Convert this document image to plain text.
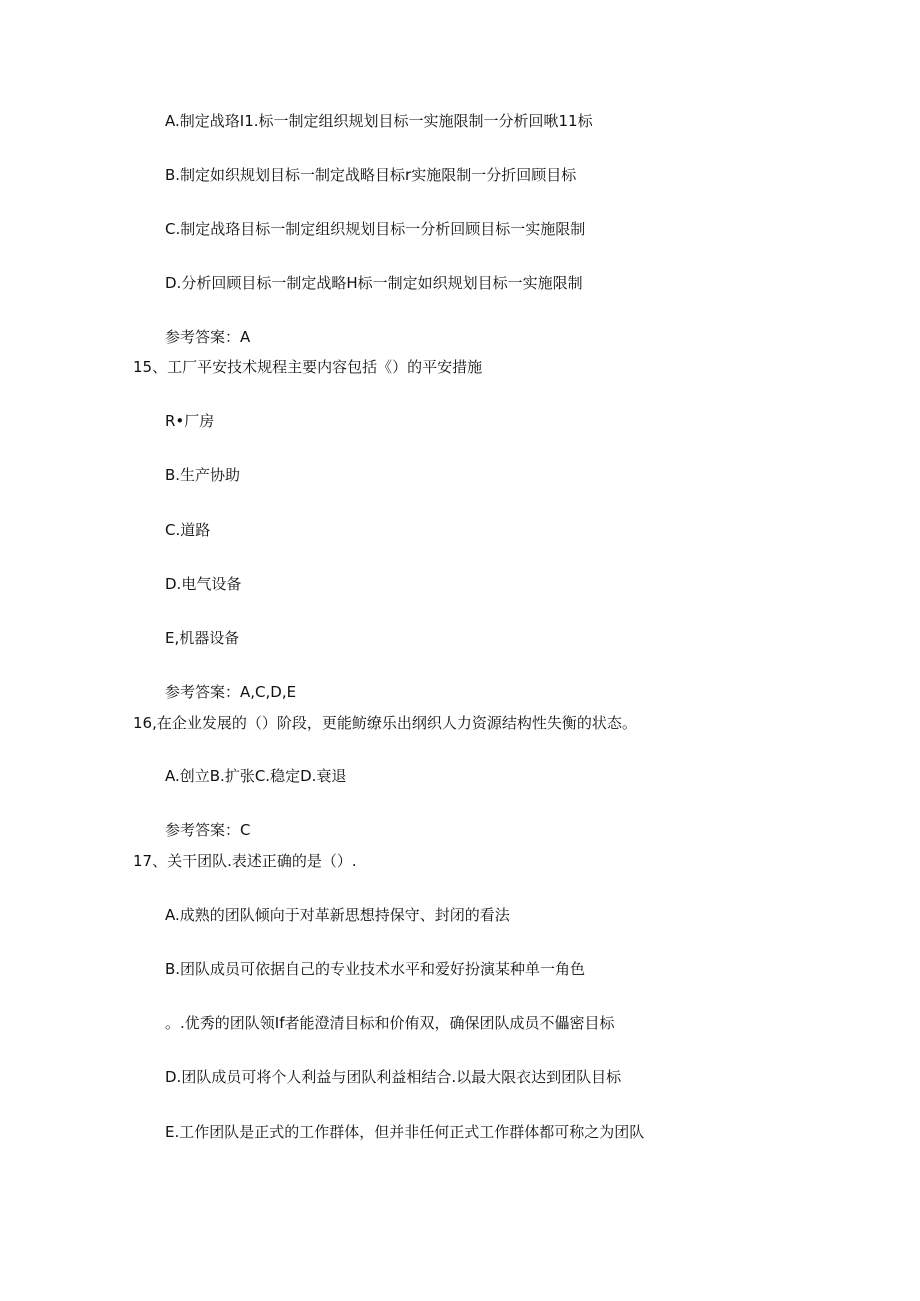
A.制定战珞I1.标一制定组织规划目标一实施限制一分析回啾11标
B.制定如织规划目标一制定战略目标r实施限制一分折回顾目标
C.制定战珞目标一制定组织规划目标一分析回顾目标一实施限制
D.分析回顾目标一制定战略H标一制定如织规划目标一实施限制
参考答案：A
15、工厂平安技术规程主要内容包括《）的平安措施
R•厂房
B.生产协助
C.道路
D.电气设备
E,机器设备
参考答案：A,C,D,E
16,在企业发展的（）阶段，更能鲂缭乐出纲织人力资源结构性失衡的状态。
A.创立B.扩张C.稳定D.衰退
参考答案：C
17、关干团队.表述正确的是（）.
A.成熟的团队倾向于对革新思想持保守、封闭的看法
B.团队成员可依据自己的专业技术水平和爱好扮演某种单一角色
。.优秀的团队领If者能澄清目标和价侑双，确保团队成员不儡密目标
D.团队成员可将个人利益与团队利益相结合.以最大限衣达到团队目标
E.工作团队是正式的工作群体，但并非任何正式工作群体都可称之为团队
